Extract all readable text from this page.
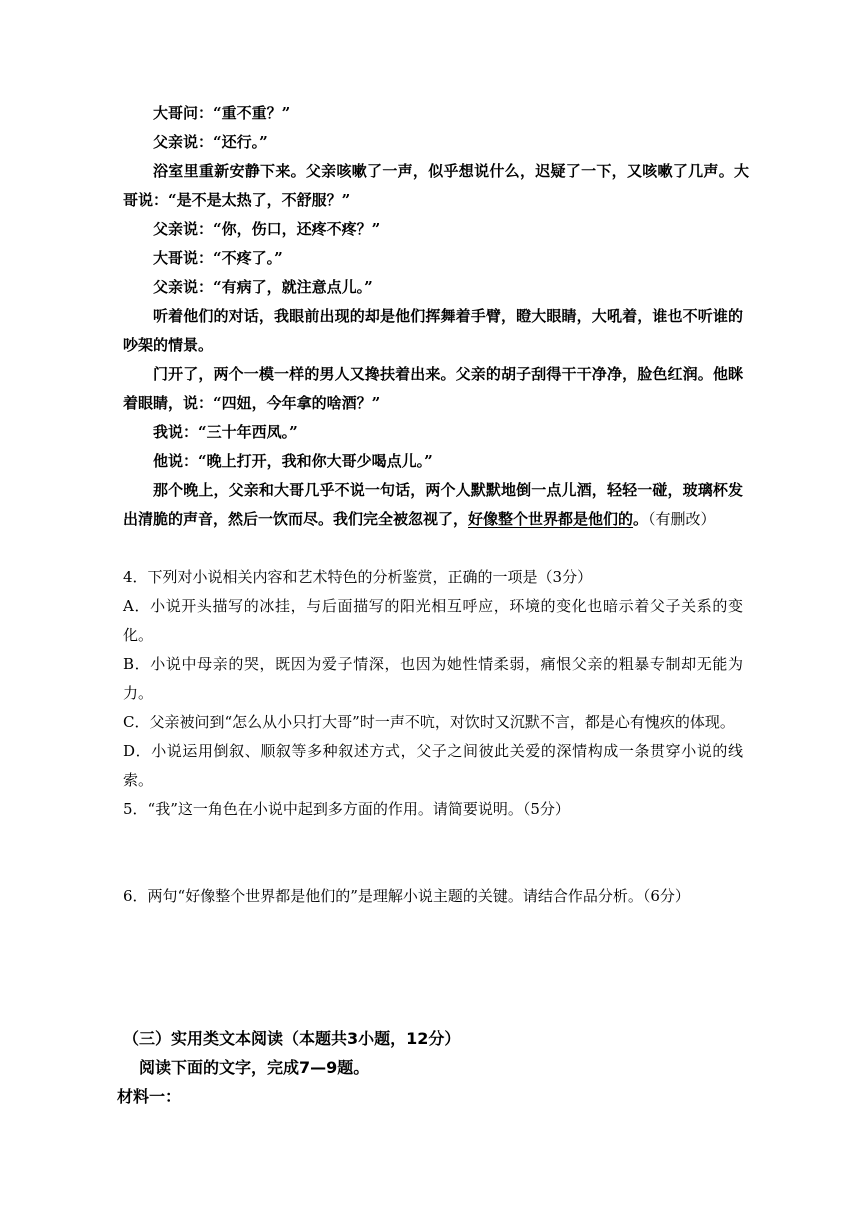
大哥问：“重不重？”

父亲说：“还行。”

浴室里重新安静下来。父亲咳嗽了一声，似乎想说什么，迟疑了一下，又咳嗽了几声。大哥说：“是不是太热了，不舒服？”

父亲说：“你，伤口，还疼不疼？”

大哥说：“不疼了。”

父亲说：“有病了，就注意点儿。”

听着他们的对话，我眼前出现的却是他们挥舞着手臂，瞪大眼睛，大吼着，谁也不听谁的吵架的情景。

门开了，两个一模一样的男人又搀扶着出来。父亲的胡子刮得干干净净，脸色红润。他眯着眼睛，说：“四妞，今年拿的啥酒？”

我说：“三十年西凤。”

他说：“晚上打开，我和你大哥少喝点儿。”

那个晚上，父亲和大哥几乎不说一句话，两个人默默地倒一点儿酒，轻轻一碰，玻璃杯发出清脆的声音，然后一饮而尽。我们完全被忽视了，好像整个世界都是他们的。（有删改）

4．下列对小说相关内容和艺术特色的分析鉴赏，正确的一项是（3分）

A．小说开头描写的冰挂，与后面描写的阳光相互呼应，环境的变化也暗示着父子关系的变化。

B．小说中母亲的哭，既因为爱子情深，也因为她性情柔弱，痛恨父亲的粗暴专制却无能为力。

C．父亲被问到“怎么从小只打大哥”时一声不吭，对饮时又沉默不言，都是心有愧疚的体现。

D．小说运用倒叙、顺叙等多种叙述方式，父子之间彼此关爱的深情构成一条贯穿小说的线索。

5．“我”这一角色在小说中起到多方面的作用。请简要说明。（5分）

6．两句“好像整个世界都是他们的”是理解小说主题的关键。请结合作品分析。（6分）

（三）实用类文本阅读（本题共3小题，12分）

阅读下面的文字，完成7—9题。

材料一：
